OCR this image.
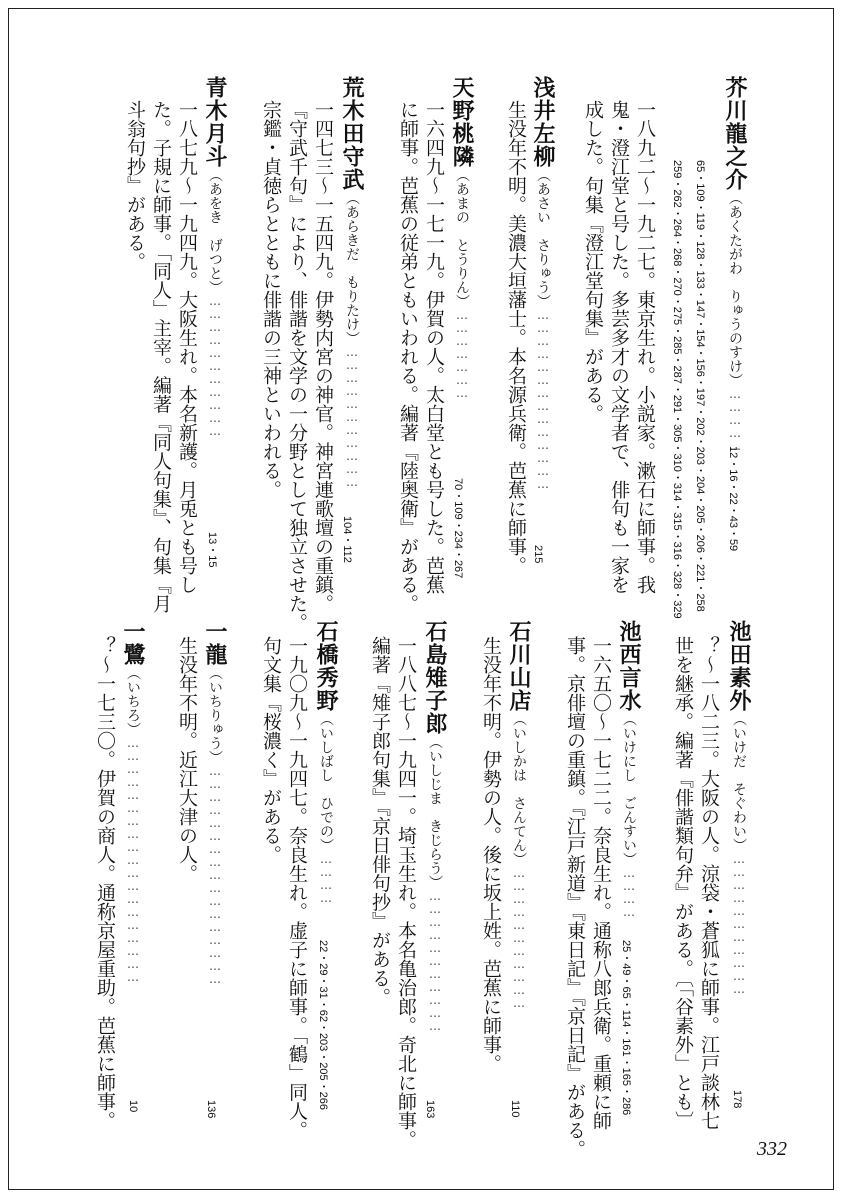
芥川龍之介（あくたがわ　りゅうのすけ）……………
12・16・22・43・59
65・109・119・128・133・147・154・156・197・202・203・204・205・206・221・258
259・262・264・268・270・275・285・287・291・305・310・314・315・316・328・329
一八九二〜一九二七。東京生れ。小説家。漱石に師事。我
鬼・澄江堂と号した。多芸多才の文学者で、俳句も一家を
成した。句集『澄江堂句集』がある。
浅井左柳（あさい　さりゅう）……………………………………
215
生没年不明。美濃大垣藩士。本名源兵衛。芭蕉に師事。
天野桃隣（あまの　とうりん）…………………
70・109・234・267
一六四九〜一七一九。伊賀の人。太白堂とも号した。芭蕉
に師事。芭蕉の従弟ともいわれる。編著『陸奥衛』がある。
荒木田守武（あらきだ　もりたけ）……………………………
104・112
一四七三〜一五四九。伊勢内宮の神官。神宮連歌壇の重鎮。
『守武千句』により、俳諧を文学の一分野として独立させた。
宗鑑・貞徳らとともに俳諧の三神といわれる。
青木月斗（あをき　げつと）……………………………
13・15
一八七九〜一九四九。大阪生れ。本名新護。月兎とも号し
た。子規に師事。「同人」主宰。編著『同人句集』、句集『月
斗翁句抄』がある。
池田素外（いけだ　そぐわい）……………………………
178
？〜一八二三。大阪の人。涼袋・蒼狐に師事。江戸談林七
世を継承。編著『俳諧類句弁』がある。〔「谷素外」とも〕
池西言水（いけにし　ごんすい）…………
25・49・65・114・161・165・286
一六五〇〜一七二二。奈良生れ。通称八郎兵衛。重頼に師
事。京俳壇の重鎮。『江戸新道』『東日記』『京日記』がある。
石川山店（いしかは　さんてん）……………………………
110
生没年不明。伊勢の人。後に坂上姓。芭蕉に師事。
石島雉子郎（いしじま　きじらう）……………………………
163
一八八七〜一九四一。埼玉生れ。本名亀治郎。奇北に師事。
編著『雉子郎句集』『京日俳句抄』がある。
石橋秀野（いしばし　ひでの）…………
22・29・31・62・203・205・266
一九〇九〜一九四七。奈良生れ。虚子に師事。「鶴」同人。
句文集『桜濃く』がある。
一龍（いちりゅう）……………………………………………
136
生没年不明。近江大津の人。
一鷺（いちろ）…………………………………………………
10
？〜一七三〇。伊賀の商人。通称京屋重助。芭蕉に師事。
332
